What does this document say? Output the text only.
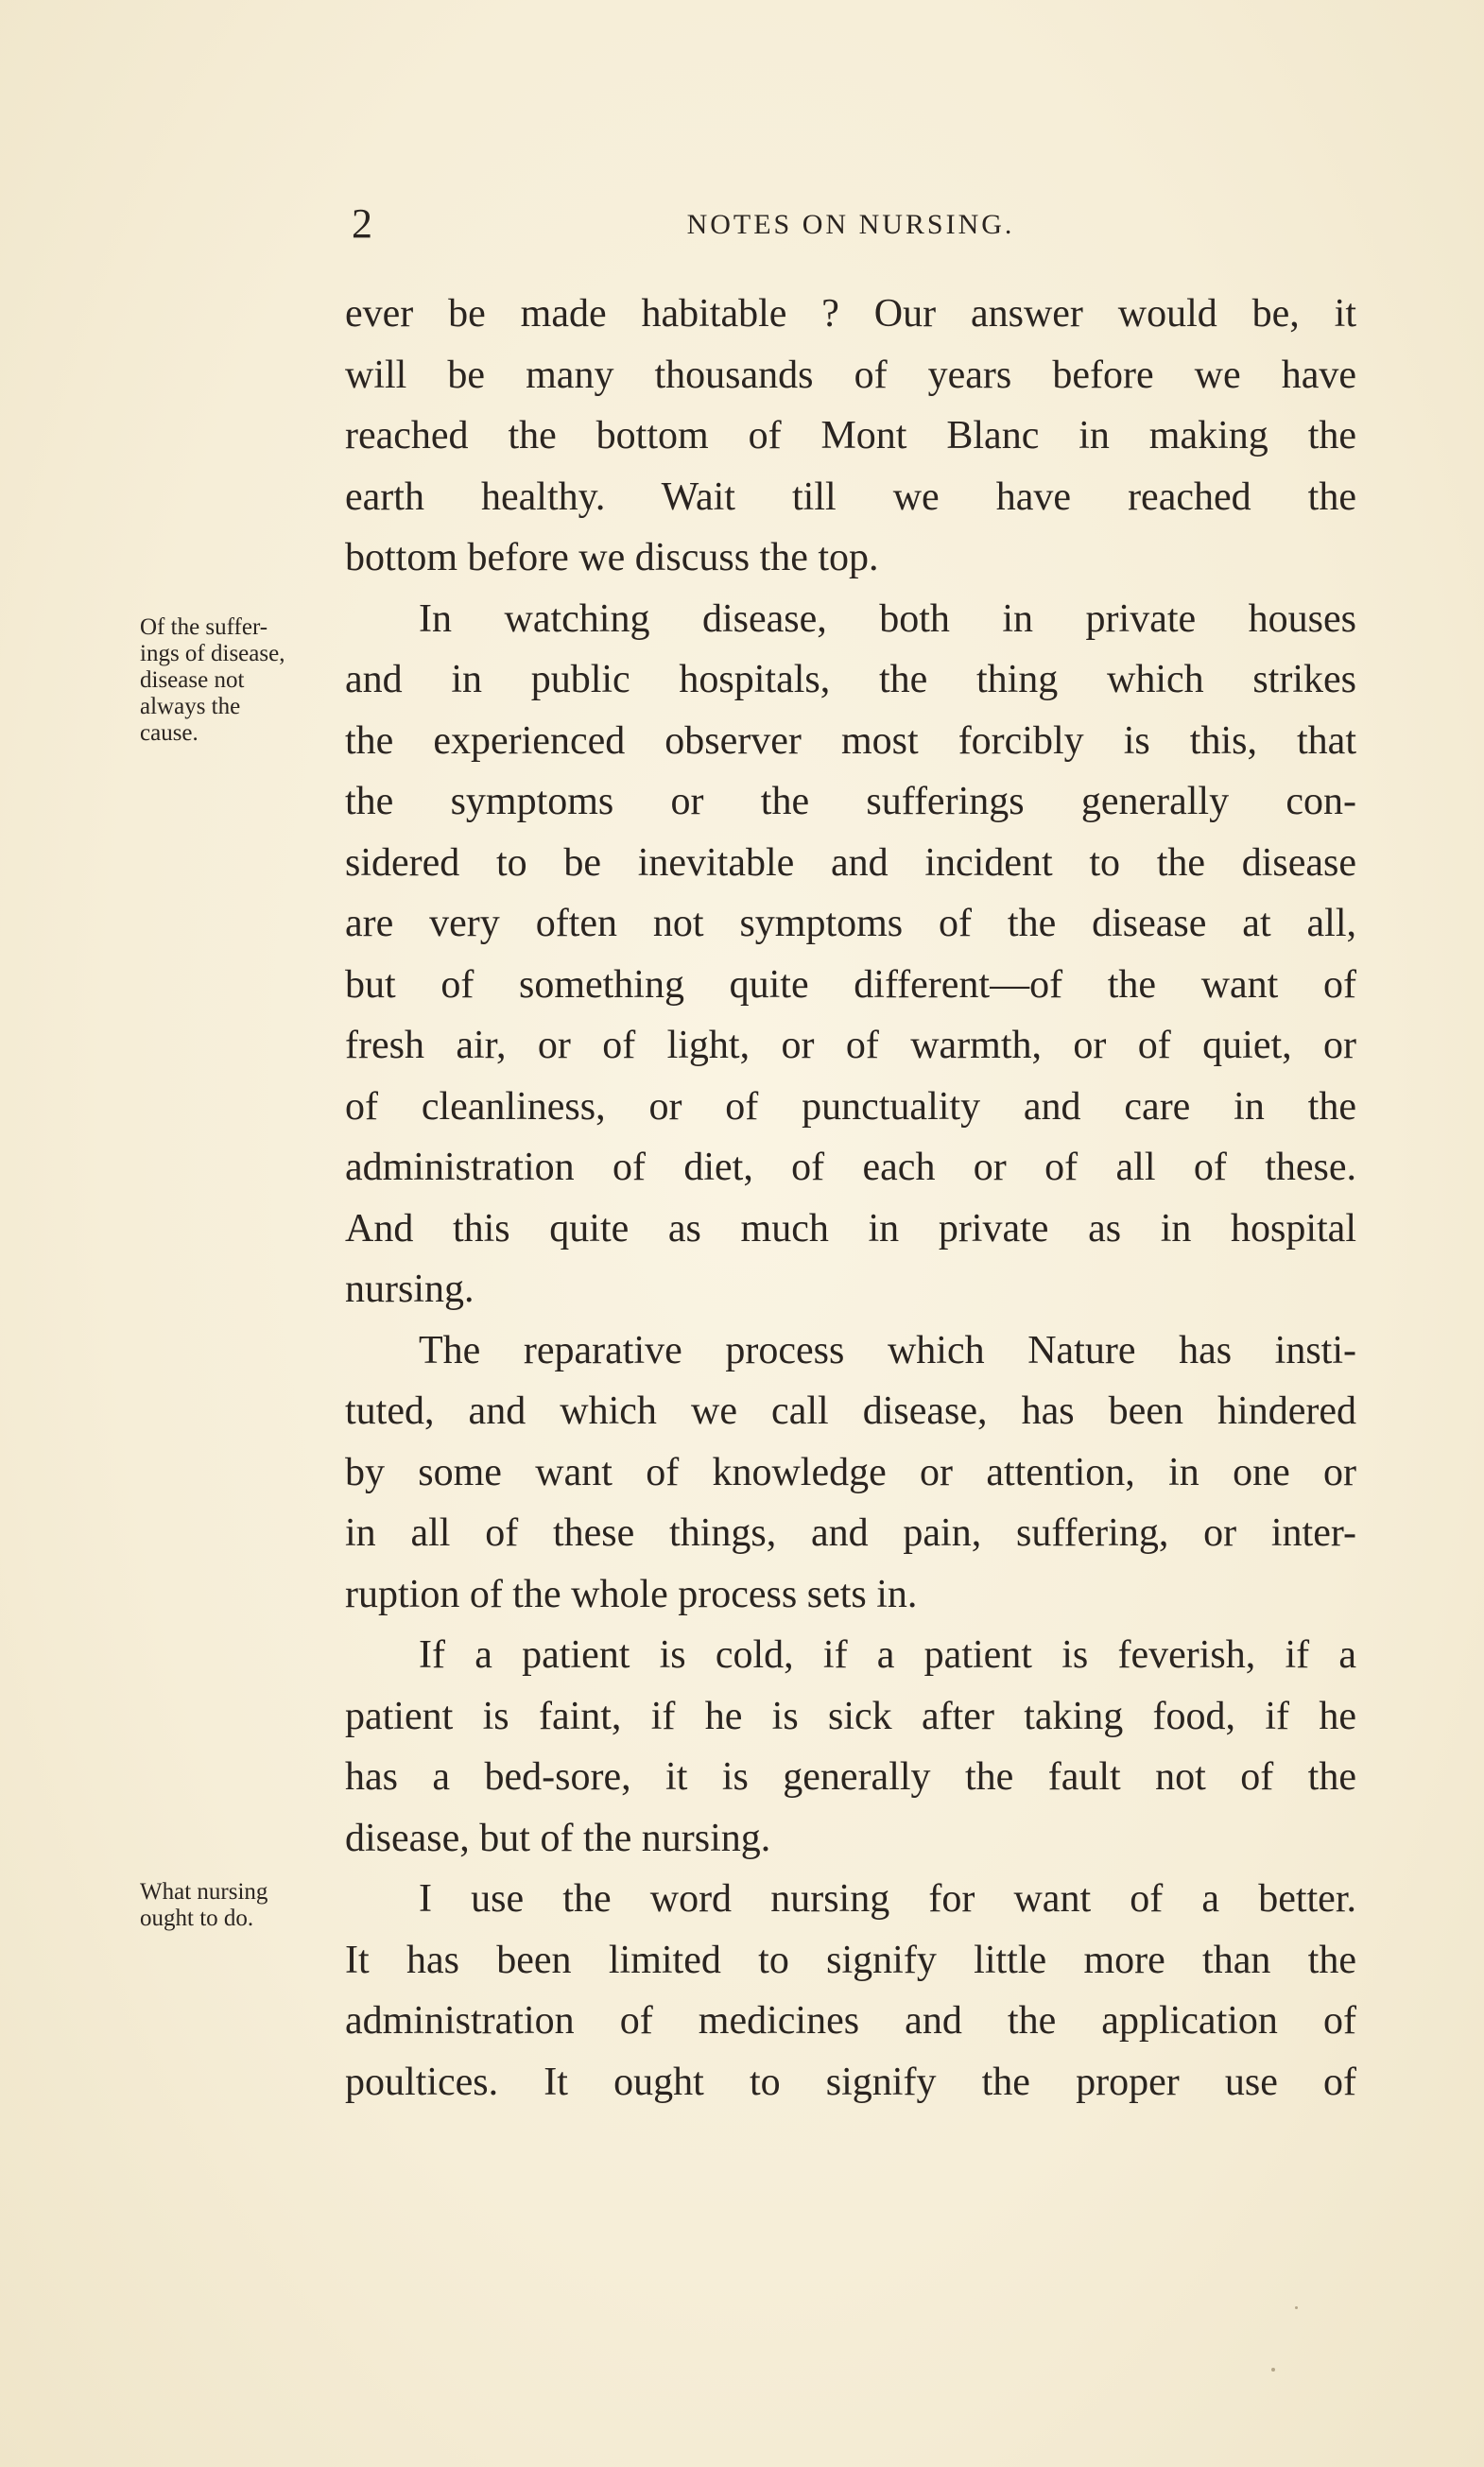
2	NOTES ON NURSING.
Of the suffer-
ings of disease,
disease not
always the
cause.
What nursing
ought to do.
ever be made habitable ? Our answer would be, it
will be many thousands of years before we have
reached the bottom of Mont Blanc in making the
earth healthy. Wait till we have reached the
bottom before we discuss the top.
In watching disease, both in private houses
and in public hospitals, the thing which strikes
the experienced observer most forcibly is this, that
the symptoms or the sufferings generally con-
sidered to be inevitable and incident to the disease
are very often not symptoms of the disease at all,
but of something quite different—of the want of
fresh air, or of light, or of warmth, or of quiet, or
of cleanliness, or of punctuality and care in the
administration of diet, of each or of all of these.
And this quite as much in private as in hospital
nursing.
The reparative process which Nature has insti-
tuted, and which we call disease, has been hindered
by some want of knowledge or attention, in one or
in all of these things, and pain, suffering, or inter-
ruption of the whole process sets in.
If a patient is cold, if a patient is feverish, if a
patient is faint, if he is sick after taking food, if he
has a bed-sore, it is generally the fault not of the
disease, but of the nursing.
I use the word nursing for want of a better.
It has been limited to signify little more than the
administration of medicines and the application of
poultices. It ought to signify the proper use of
